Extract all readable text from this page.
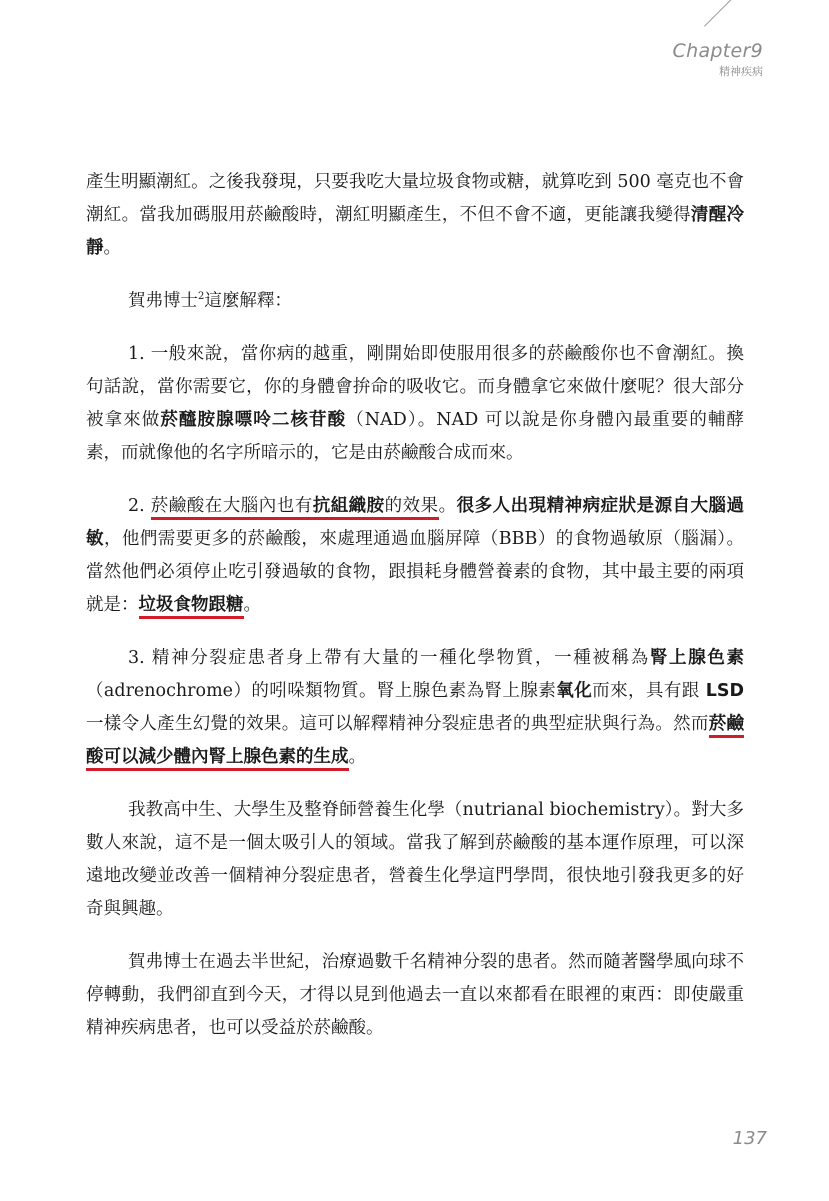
Chapter9
精神疾病

產生明顯潮紅。之後我發現，只要我吃大量垃圾食物或糖，就算吃到 500 毫克也不會潮紅。當我加碼服用菸鹼酸時，潮紅明顯產生，不但不會不適，更能讓我變得清醒冷靜。

賀弗博士$^2$這麼解釋：

1. 一般來說，當你病的越重，剛開始即使服用很多的菸鹼酸你也不會潮紅。換句話說，當你需要它，你的身體會拚命的吸收它。而身體拿它來做什麼呢？很大部分被拿來做菸醯胺腺嘌呤二核苷酸（NAD）。NAD 可以說是你身體內最重要的輔酵素，而就像他的名字所暗示的，它是由菸鹼酸合成而來。

2. 菸鹼酸在大腦內也有抗組織胺的效果。很多人出現精神病症狀是源自大腦過敏，他們需要更多的菸鹼酸，來處理通過血腦屏障（BBB）的食物過敏原（腦漏）。當然他們必須停止吃引發過敏的食物，跟損耗身體營養素的食物，其中最主要的兩項就是：垃圾食物跟糖。

3. 精神分裂症患者身上帶有大量的一種化學物質，一種被稱為腎上腺色素（adrenochrome）的吲哚類物質。腎上腺色素為腎上腺素氧化而來，具有跟 LSD 一樣令人產生幻覺的效果。這可以解釋精神分裂症患者的典型症狀與行為。然而菸鹼酸可以減少體內腎上腺色素的生成。

我教高中生、大學生及整脊師營養生化學（nutrianal biochemistry）。對大多數人來說，這不是一個太吸引人的領域。當我了解到菸鹼酸的基本運作原理，可以深遠地改變並改善一個精神分裂症患者，營養生化學這門學問，很快地引發我更多的好奇與興趣。

賀弗博士在過去半世紀，治療過數千名精神分裂的患者。然而隨著醫學風向球不停轉動，我們卻直到今天，才得以見到他過去一直以來都看在眼裡的東西：即使嚴重精神疾病患者，也可以受益於菸鹼酸。

137
